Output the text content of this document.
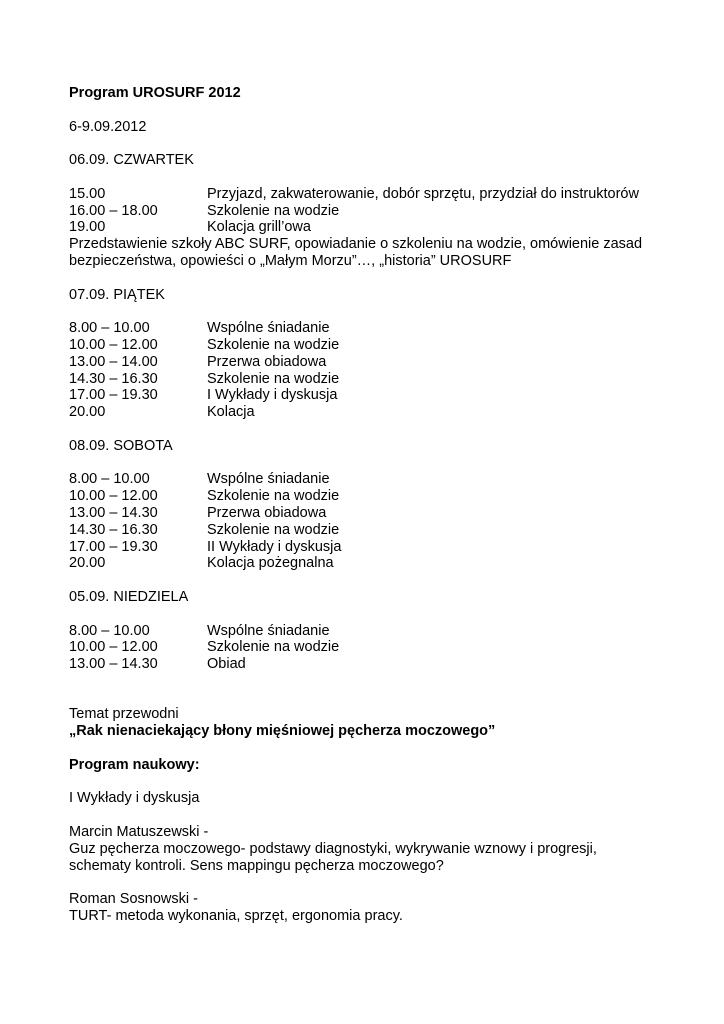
Program UROSURF 2012
6-9.09.2012
06.09. CZWARTEK
15.00	Przyjazd, zakwaterowanie, dobór sprzętu, przydział do instruktorów
16.00 – 18.00	Szkolenie na wodzie
19.00	Kolacja grill’owa
Przedstawienie szkoły ABC SURF, opowiadanie o szkoleniu na wodzie, omówienie zasad bezpieczeństwa, opowieści o „Małym Morzu”…, „historia” UROSURF
07.09. PIĄTEK
8.00 – 10.00	Wspólne śniadanie
10.00 – 12.00	Szkolenie na wodzie
13.00 – 14.00	Przerwa obiadowa
14.30 – 16.30	Szkolenie na wodzie
17.00 – 19.30	I Wykłady i dyskusja
20.00	Kolacja
08.09. SOBOTA
8.00 – 10.00	Wspólne śniadanie
10.00 – 12.00	Szkolenie na wodzie
13.00 – 14.30	Przerwa obiadowa
14.30 – 16.30	Szkolenie na wodzie
17.00 – 19.30	II Wykłady i dyskusja
20.00	Kolacja pożegnalna
05.09. NIEDZIELA
8.00 – 10.00	Wspólne śniadanie
10.00 – 12.00	Szkolenie na wodzie
13.00 – 14.30	Obiad
Temat przewodni
„Rak nienaciekający błony mięśniowej pęcherza moczowego”
Program naukowy:
I Wykłady i dyskusja
Marcin Matuszewski -
Guz pęcherza moczowego- podstawy diagnostyki, wykrywanie wznowy i progresji,
schematy kontroli. Sens mappingu pęcherza moczowego?
Roman Sosnowski -
TURT- metoda wykonania, sprzęt, ergonomia pracy.
